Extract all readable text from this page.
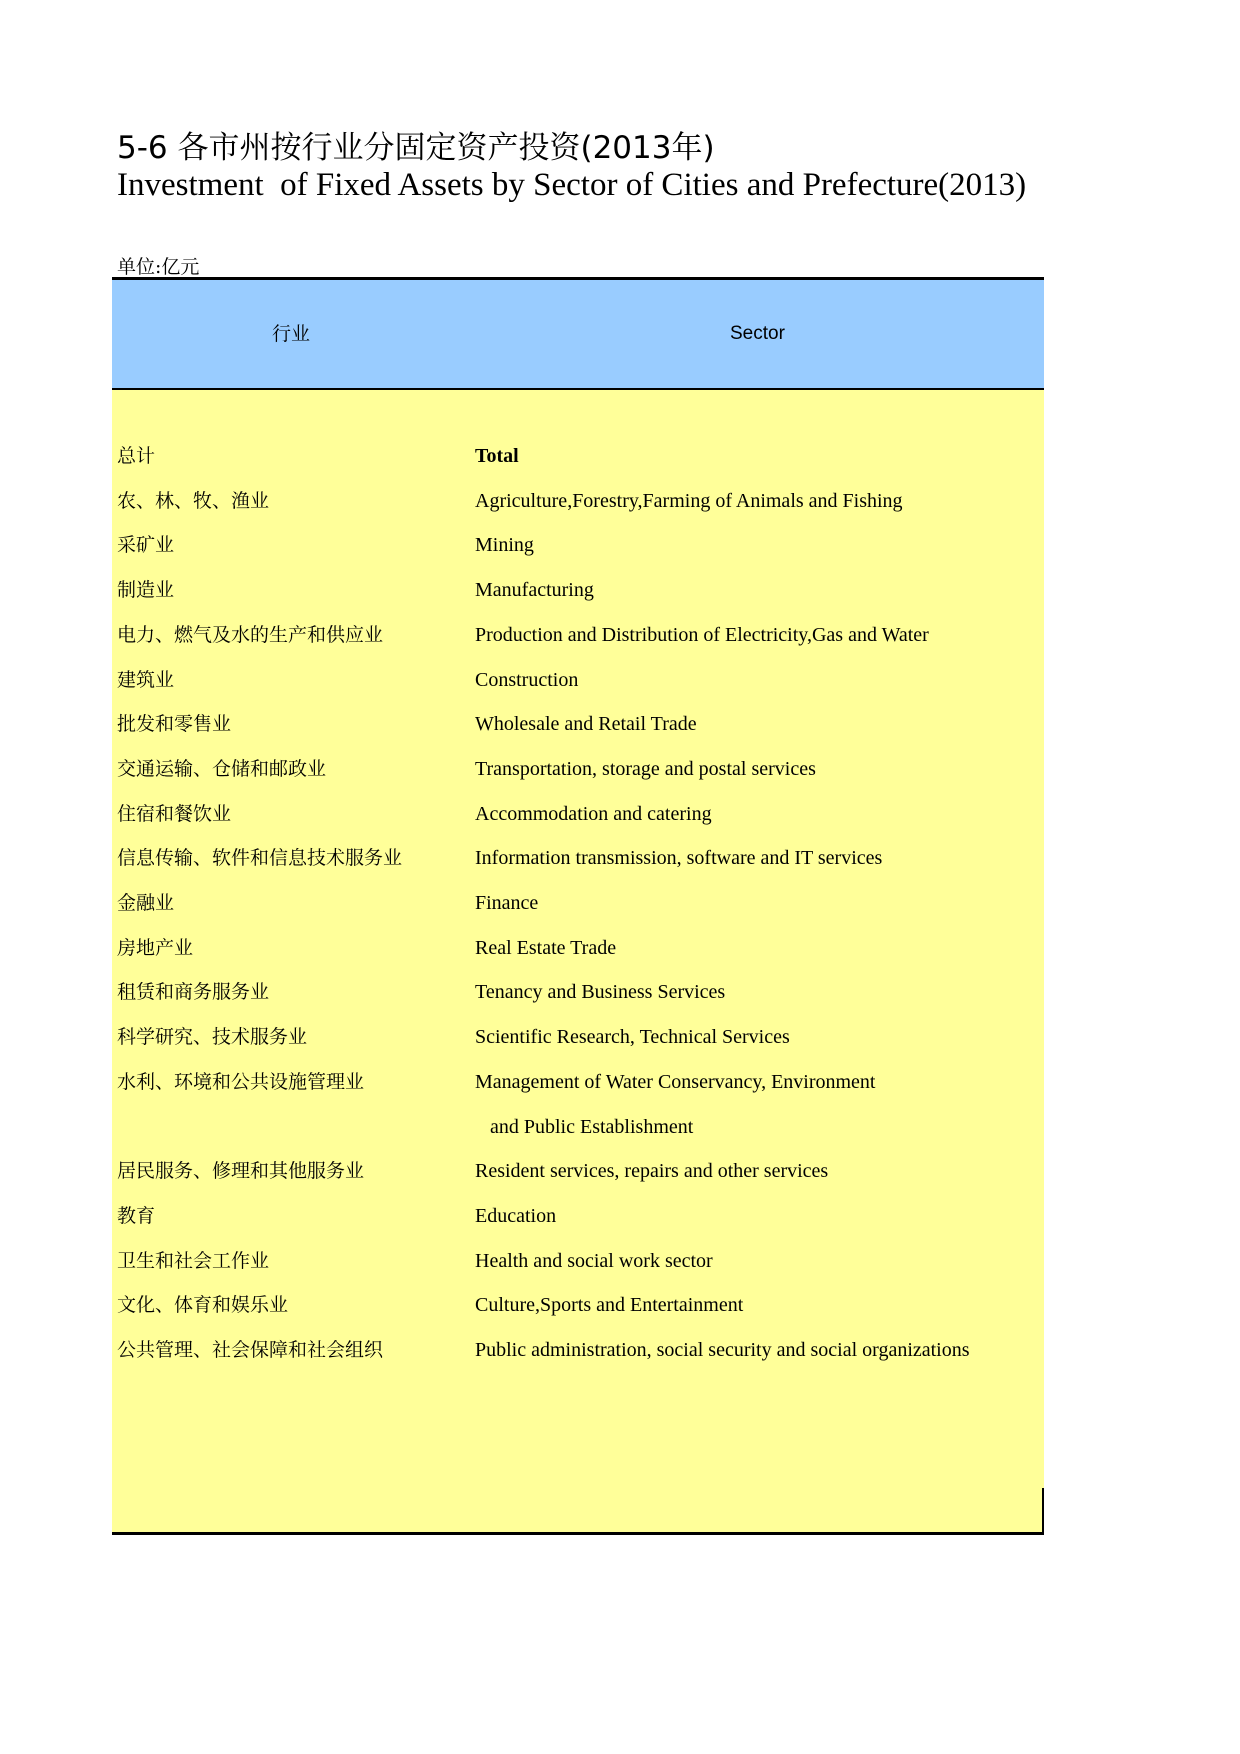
5-6 各市州按行业分固定资产投资(2013年)
Investment  of Fixed Assets by Sector of Cities and Prefecture(2013)
单位:亿元
行业	Sector
总计	Total
农、林、牧、渔业	Agriculture,Forestry,Farming of Animals and Fishing
采矿业	Mining
制造业	Manufacturing
电力、燃气及水的生产和供应业	Production and Distribution of Electricity,Gas and Water
建筑业	Construction
批发和零售业	Wholesale and Retail Trade
交通运输、仓储和邮政业	Transportation, storage and postal services
住宿和餐饮业	Accommodation and catering
信息传输、软件和信息技术服务业	Information transmission, software and IT services
金融业	Finance
房地产业	Real Estate Trade
租赁和商务服务业	Tenancy and Business Services
科学研究、技术服务业	Scientific Research, Technical Services
水利、环境和公共设施管理业	Management of Water Conservancy, Environment
and Public Establishment
居民服务、修理和其他服务业	Resident services, repairs and other services
教育	Education
卫生和社会工作业	Health and social work sector
文化、体育和娱乐业	Culture,Sports and Entertainment
公共管理、社会保障和社会组织	Public administration, social security and social organizations
